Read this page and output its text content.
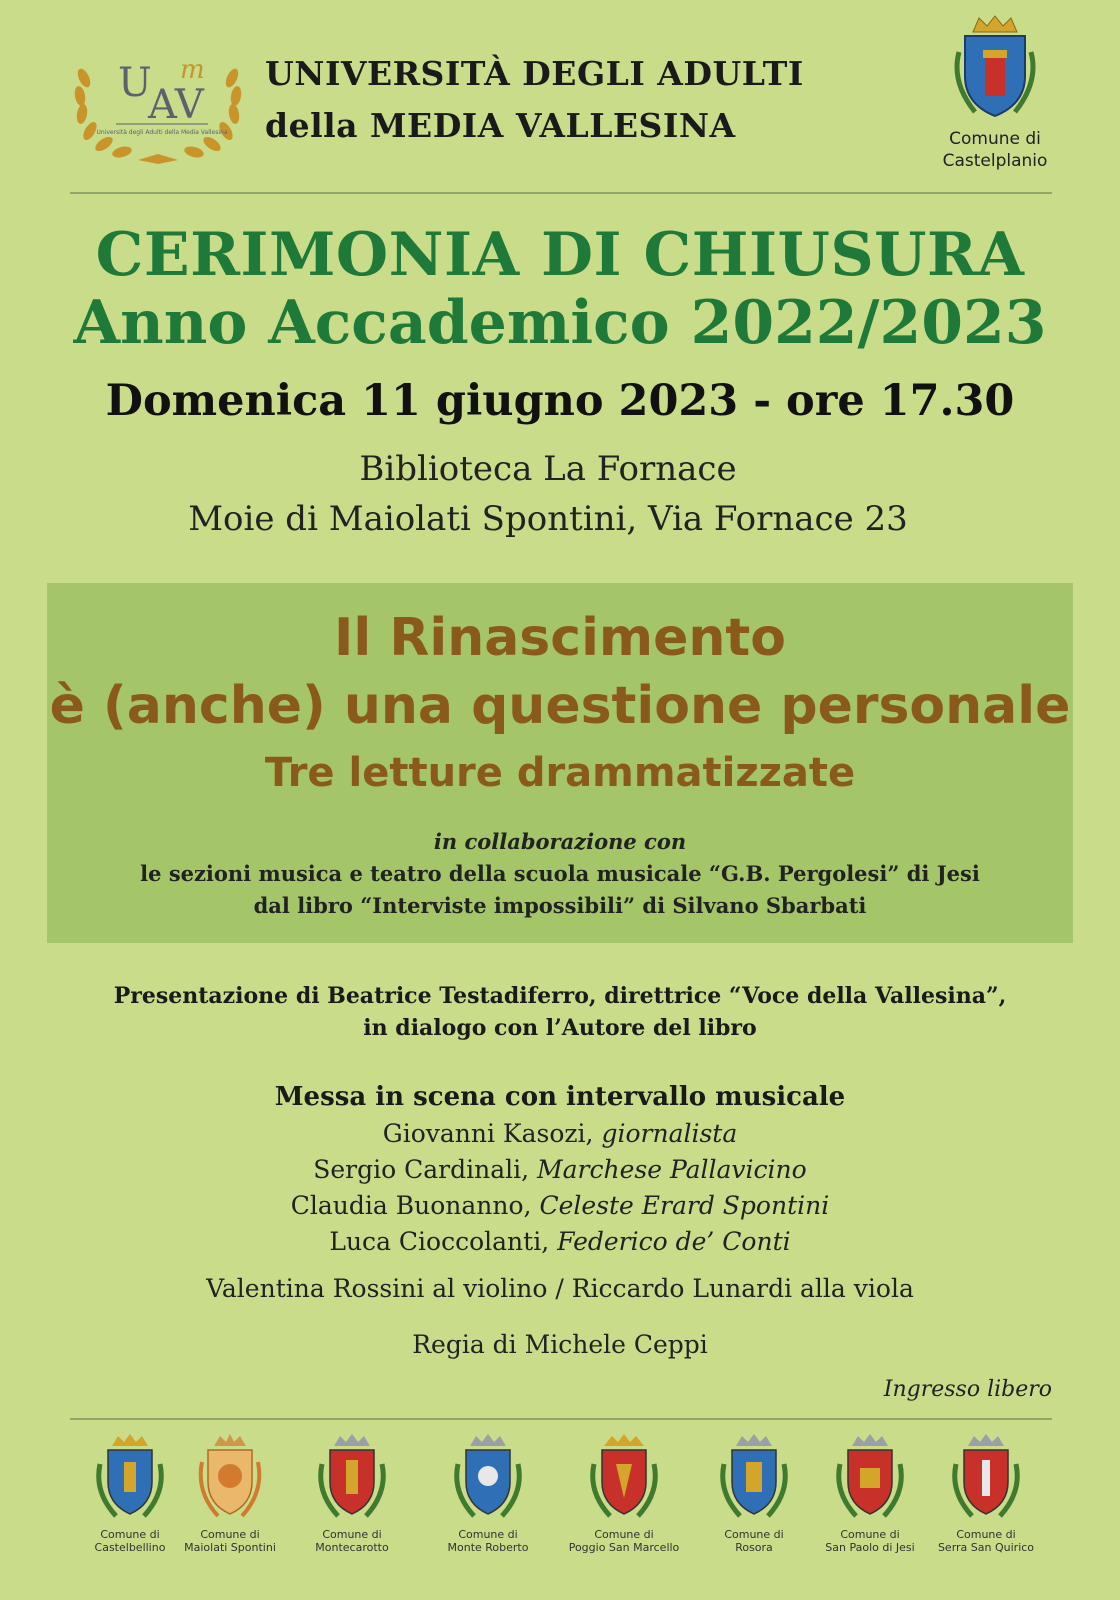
U
AV
m
Università degli Adulti della Media Vallesina
UNIVERSITÀ DEGLI ADULTI
della MEDIA VALLESINA	Comune di
Castelplanio
CERIMONIA DI CHIUSURA
Anno Accademico 2022/2023
Domenica 11 giugno 2023 - ore 17.30
Biblioteca La Fornace
Moie di Maiolati Spontini, Via Fornace 23
Il Rinascimento
è (anche) una questione personale
Tre letture drammatizzate
in collaborazione con
le sezioni musica e teatro della scuola musicale “G.B. Pergolesi” di Jesi
dal libro “Interviste impossibili” di Silvano Sbarbati
Presentazione di Beatrice Testadiferro, direttrice “Voce della Vallesina”,
in dialogo con l’Autore del libro
Messa in scena con intervallo musicale
Giovanni Kasozi, giornalista
Sergio Cardinali, Marchese Pallavicino
Claudia Buonanno, Celeste Erard Spontini
Luca Cioccolanti, Federico de’ Conti
Valentina Rossini al violino / Riccardo Lunardi alla viola
Regia di Michele Ceppi
Ingresso libero
Comune di
Castelbellino
Comune di
Maiolati Spontini
Comune di
Montecarotto
Comune di
Monte Roberto
Comune di
Poggio San Marcello
Comune di
Rosora
Comune di
San Paolo di Jesi
Comune di
Serra San Quirico
